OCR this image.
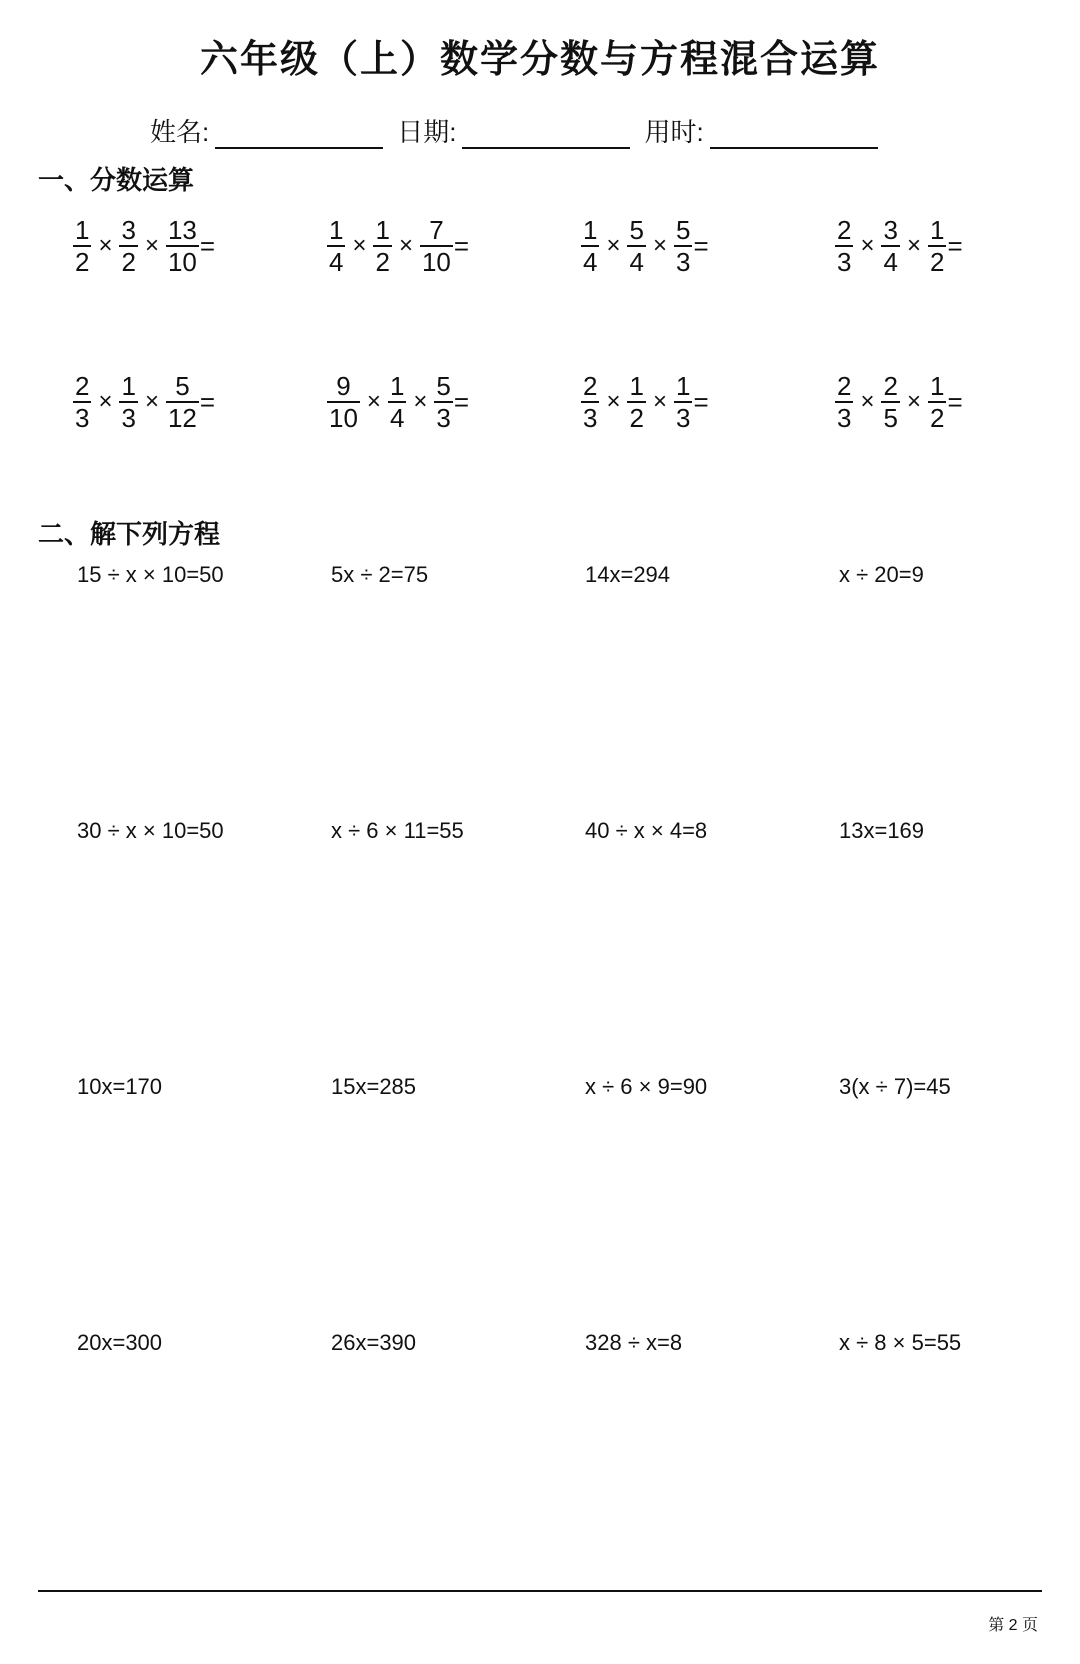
六年级（上）数学分数与方程混合运算
姓名:	日期:	用时:
一、分数运算
$\frac{1}{2} \times \frac{3}{2} \times \frac{13}{10}$ =	$\frac{1}{4} \times \frac{1}{2} \times \frac{7}{10}$ =	$\frac{1}{4} \times \frac{5}{4} \times \frac{5}{3}$ =	$\frac{2}{3} \times \frac{3}{4} \times \frac{1}{2}$ =
$\frac{2}{3} \times \frac{1}{3} \times \frac{5}{12}$ =	$\frac{9}{10} \times \frac{1}{4} \times \frac{5}{3}$ =	$\frac{2}{3} \times \frac{1}{2} \times \frac{1}{3}$ =	$\frac{2}{3} \times \frac{2}{5} \times \frac{1}{2}$ =
二、解下列方程
15 ÷ x × 10=50	5x ÷ 2=75	14x=294	x ÷ 20=9
30 ÷ x × 10=50	x ÷ 6 × 11=55	40 ÷ x × 4=8	13x=169
10x=170	15x=285	x ÷ 6 × 9=90	3(x ÷ 7)=45
20x=300	26x=390	328 ÷ x=8	x ÷ 8 × 5=55
第 2 页
